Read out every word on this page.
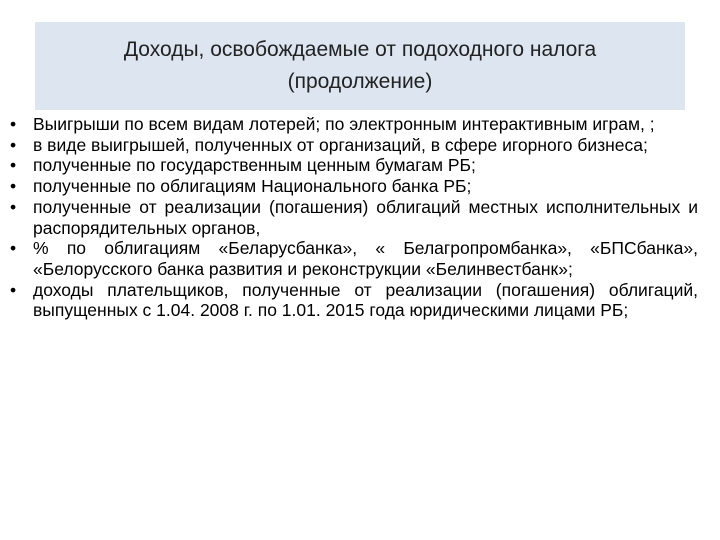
Доходы, освобождаемые от подоходного налога
(продолжение)
• Выигрыши по всем видам лотерей; по электронным интерактивным играм, ;
• в виде выигрышей, полученных от организаций, в сфере игорного бизнеса;
• полученные по государственным ценным бумагам РБ;
• полученные по облигациям Национального банка РБ;
• полученные от реализации (погашения) облигаций местных исполнительных и распорядительных органов,
• % по облигациям «Беларусбанка», « Белагропромбанка», «БПСбанка», «Белорусского банка развития и реконструкции «Белинвестбанк»;
• доходы плательщиков, полученные от реализации (погашения) облигаций, выпущенных с 1.04. 2008 г. по 1.01. 2015 года юридическими лицами РБ;
